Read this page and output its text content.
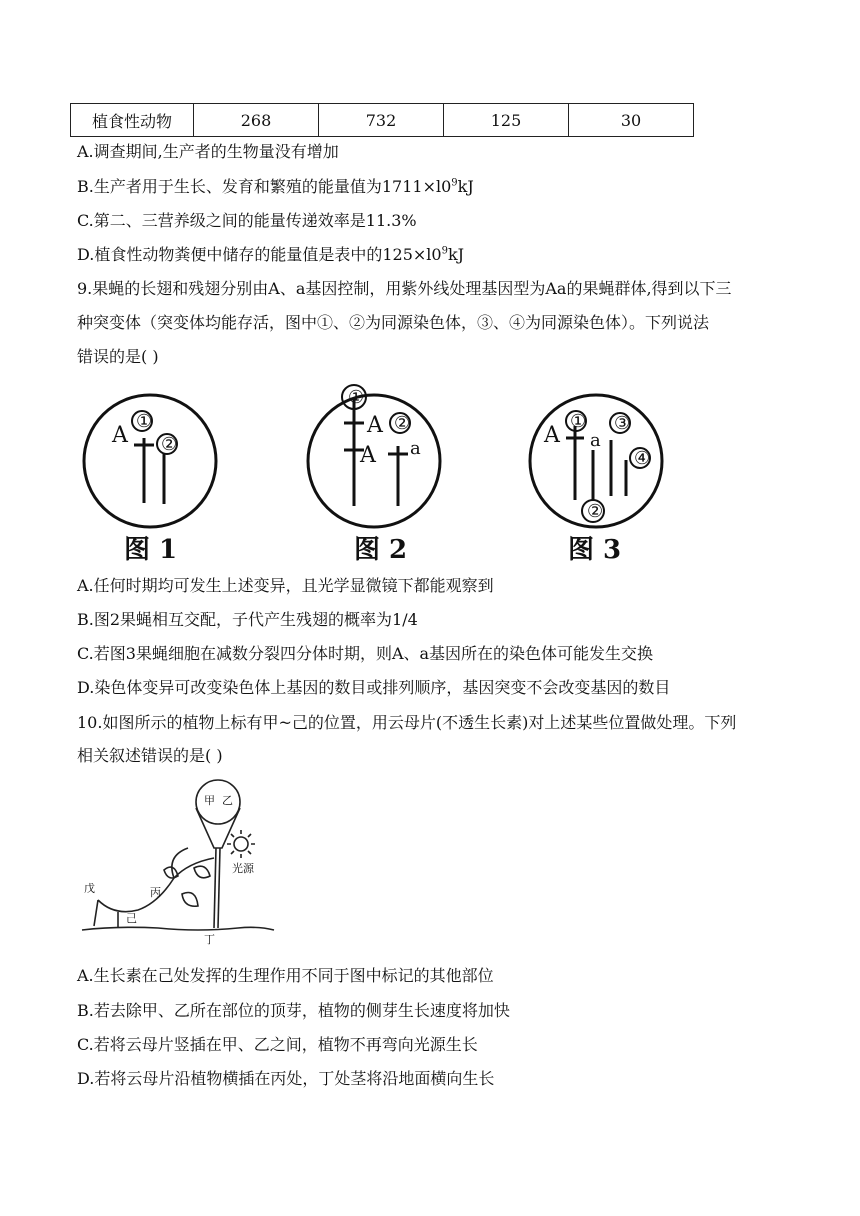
植食性动物	268	732	125	30
A.调查期间,生产者的生物量没有增加
B.生产者用于生长、发育和繁殖的能量值为$1711\times l0^9kJ$
C.第二、三营养级之间的能量传递效率是11.3%
D.植食性动物粪便中储存的能量值是表中的$125\times l0^9kJ$
9.果蝇的长翅和残翅分别由A、a基因控制，用紫外线处理基因型为Aa的果蝇群体,得到以下三
种突变体（突变体均能存活，图中①、②为同源染色体，③、④为同源染色体）。下列说法
错误的是( )
①
②
①
②	① ③
④
②
A	A
A a
A a
图 1	图 2	图 3
A.任何时期均可发生上述变异，且光学显微镜下都能观察到
B.图2果蝇相互交配，子代产生残翅的概率为1/4
C.若图3果蝇细胞在减数分裂四分体时期，则A、a基因所在的染色体可能发生交换
D.染色体变异可改变染色体上基因的数目或排列顺序，基因突变不会改变基因的数目
10.如图所示的植物上标有甲~己的位置，用云母片(不透生长素)对上述某些位置做处理。下列
相关叙述错误的是( )
甲 乙
光源
丙
丁
戊
己
A.生长素在己处发挥的生理作用不同于图中标记的其他部位
B.若去除甲、乙所在部位的顶芽，植物的侧芽生长速度将加快
C.若将云母片竖插在甲、乙之间，植物不再弯向光源生长
D.若将云母片沿植物横插在丙处，丁处茎将沿地面横向生长
